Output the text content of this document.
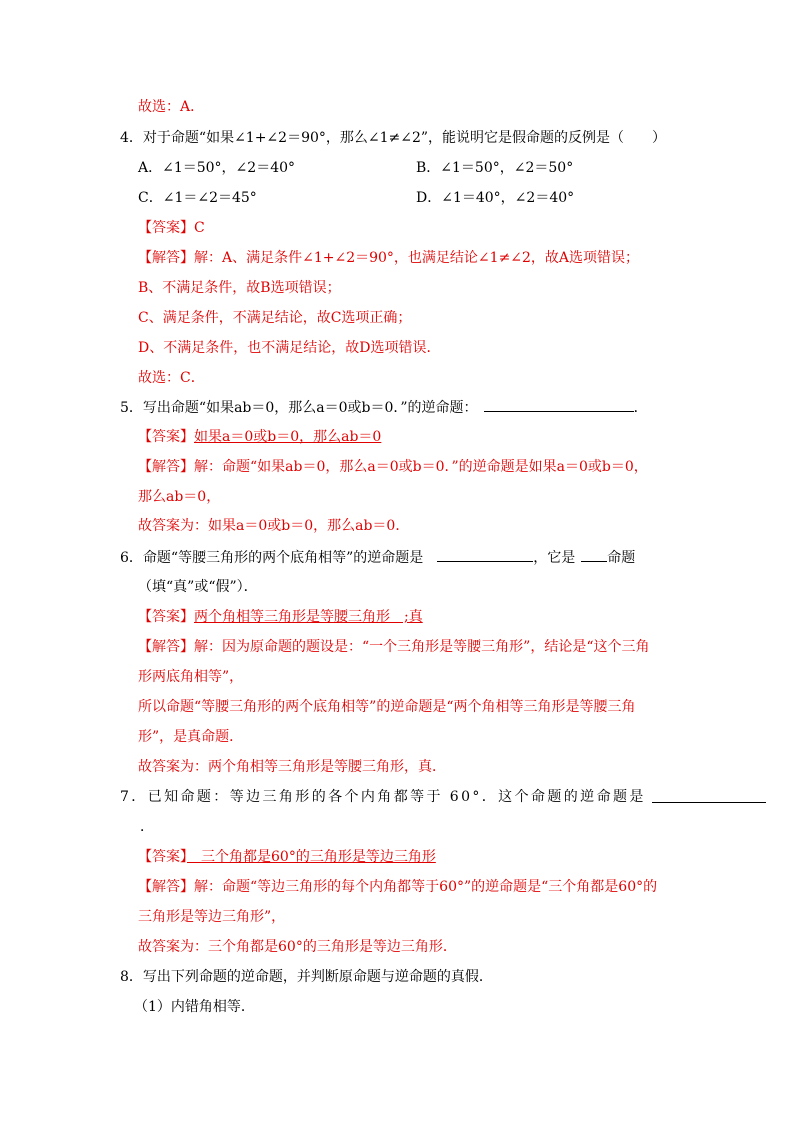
故选：A．
4．对于命题“如果∠1+∠2＝90°，那么∠1≠∠2”，能说明它是假命题的反例是（　　）
A．∠1＝50°，∠2＝40°	B．∠1＝50°，∠2＝50°
C．∠1＝∠2＝45°	D．∠1＝40°，∠2＝40°
【答案】C
【解答】解：A、满足条件∠1+∠2＝90°，也满足结论∠1≠∠2，故A选项错误；
B、不满足条件，故B选项错误；
C、满足条件，不满足结论，故C选项正确；
D、不满足条件，也不满足结论，故D选项错误．
故选：C．
5．写出命题“如果ab＝0，那么a＝0或b＝0．”的逆命题：	．
【答案】如果a＝0或b＝0，那么ab＝0
【解答】解：命题“如果ab＝0，那么a＝0或b＝0．”的逆命题是如果a＝0或b＝0，
那么ab＝0，
故答案为：如果a＝0或b＝0，那么ab＝0．
6．命题“等腰三角形的两个底角相等”的逆命题是	，它是 命题
（填“真”或“假”）．
【答案】两个角相等三角形是等腰三角形　;真
【解答】解：因为原命题的题设是：“一个三角形是等腰三角形”，结论是“这个三角
形两底角相等”，
所以命题“等腰三角形的两个底角相等”的逆命题是“两个角相等三角形是等腰三角
形”，是真命题．
故答案为：两个角相等三角形是等腰三角形，真．
7．已知命题：等边三角形的各个内角都等于 60°．这个命题的逆命题是
．
【答案】　三个角都是60°的三角形是等边三角形
【解答】解：命题“等边三角形的每个内角都等于60°”的逆命题是“三个角都是60°的
三角形是等边三角形”，
故答案为：三个角都是60°的三角形是等边三角形．
8．写出下列命题的逆命题，并判断原命题与逆命题的真假．
（1）内错角相等．
